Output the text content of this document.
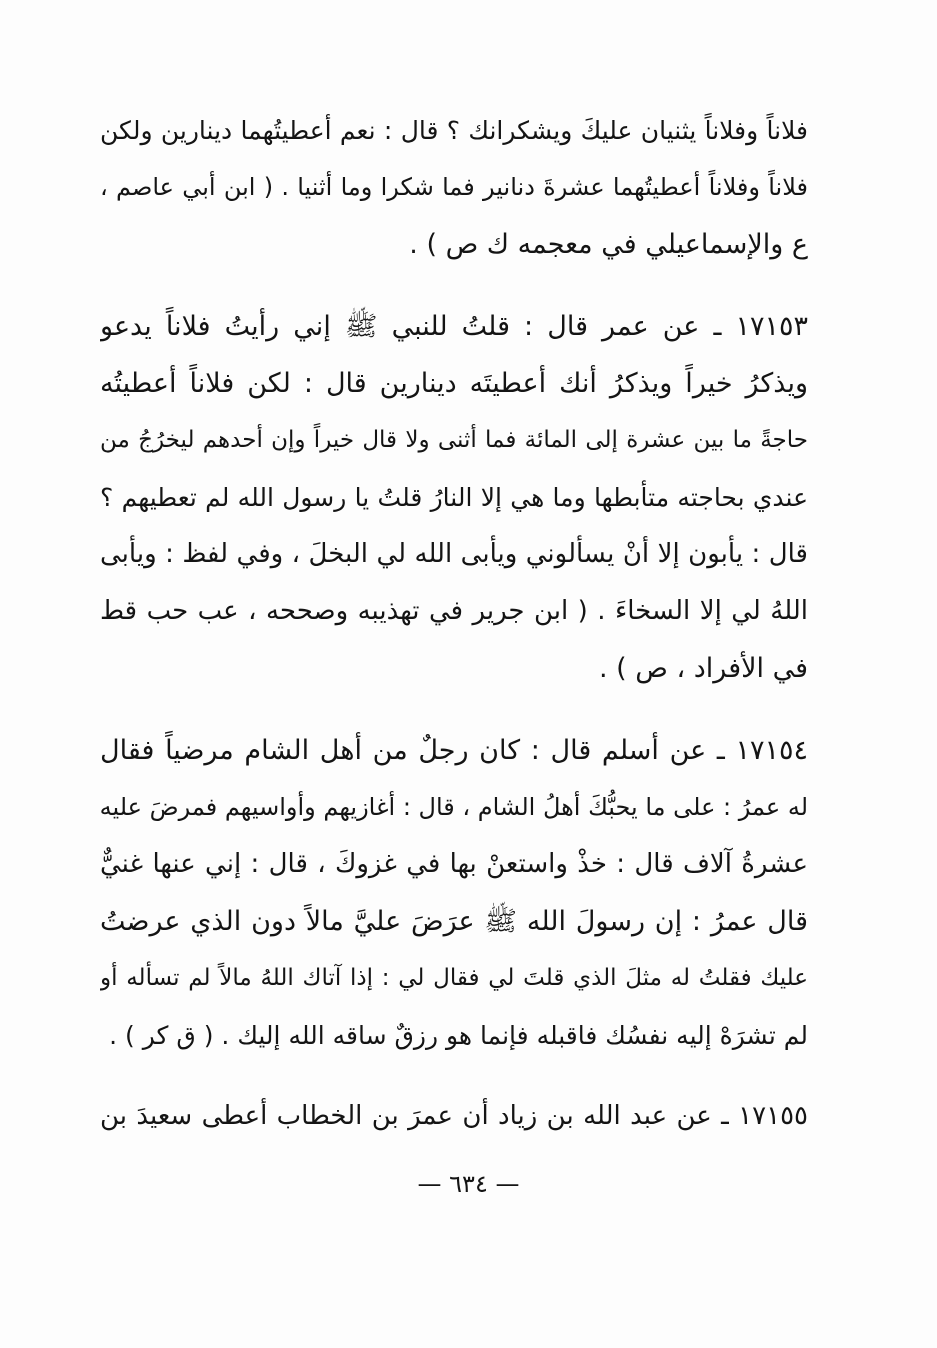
فلاناً وفلاناً يثنيان عليكَ ويشكرانك ؟ قال : نعم أعطيتُهما دينارين ولكن
فلاناً وفلاناً أعطيتُهما عشرةَ دنانير فما شكرا وما أثنيا . ( ابن أبي عاصم ،
ع والإسماعيلي في معجمه ك ص ) .
١٧١٥٣ ـ عن عمر قال : قلتُ للنبي ﷺ إني رأيتُ فلاناً يدعو
ويذكرُ خيراً ويذكرُ أنك أعطيتَه دينارين قال : لكن فلاناً أعطيتُه
حاجةً ما بين عشرة إلى المائة فما أثنى ولا قال خيراً وإن أحدهم ليخرُجُ من
عندي بحاجته متأبطها وما هي إلا النارُ قلتُ يا رسول الله لم تعطيهم ؟
قال : يأبون إلا أنْ يسألوني ويأبى الله لي البخلَ ، وفي لفظ : ويأبى
اللهُ لي إلا السخاءَ . ( ابن جرير في تهذيبه وصححه ، عب حب قط
في الأفراد ، ص ) .
١٧١٥٤ ـ عن أسلم قال : كان رجلٌ من أهل الشام مرضياً فقال
له عمرُ : على ما يحبُّكَ أهلُ الشام ، قال : أغازيهم وأواسيهم فمرضَ عليه
عشرةُ آلاف قال : خذْ واستعنْ بها في غزوكَ ، قال : إني عنها غنيٌّ
قال عمرُ : إن رسولَ الله ﷺ عرَضَ عليَّ مالاً دون الذي عرضتُ
عليك فقلتُ له مثلَ الذي قلتَ لي فقال لي : إذا آتاك اللهُ مالاً لم تسأله أو
لم تشرَهْ إليه نفسُك فاقبله فإنما هو رزقٌ ساقه الله إليك . ( ق كر ) .
١٧١٥٥ ـ عن عبد الله بن زياد أن عمرَ بن الخطاب أعطى سعيدَ بن
— ٦٣٤ —
